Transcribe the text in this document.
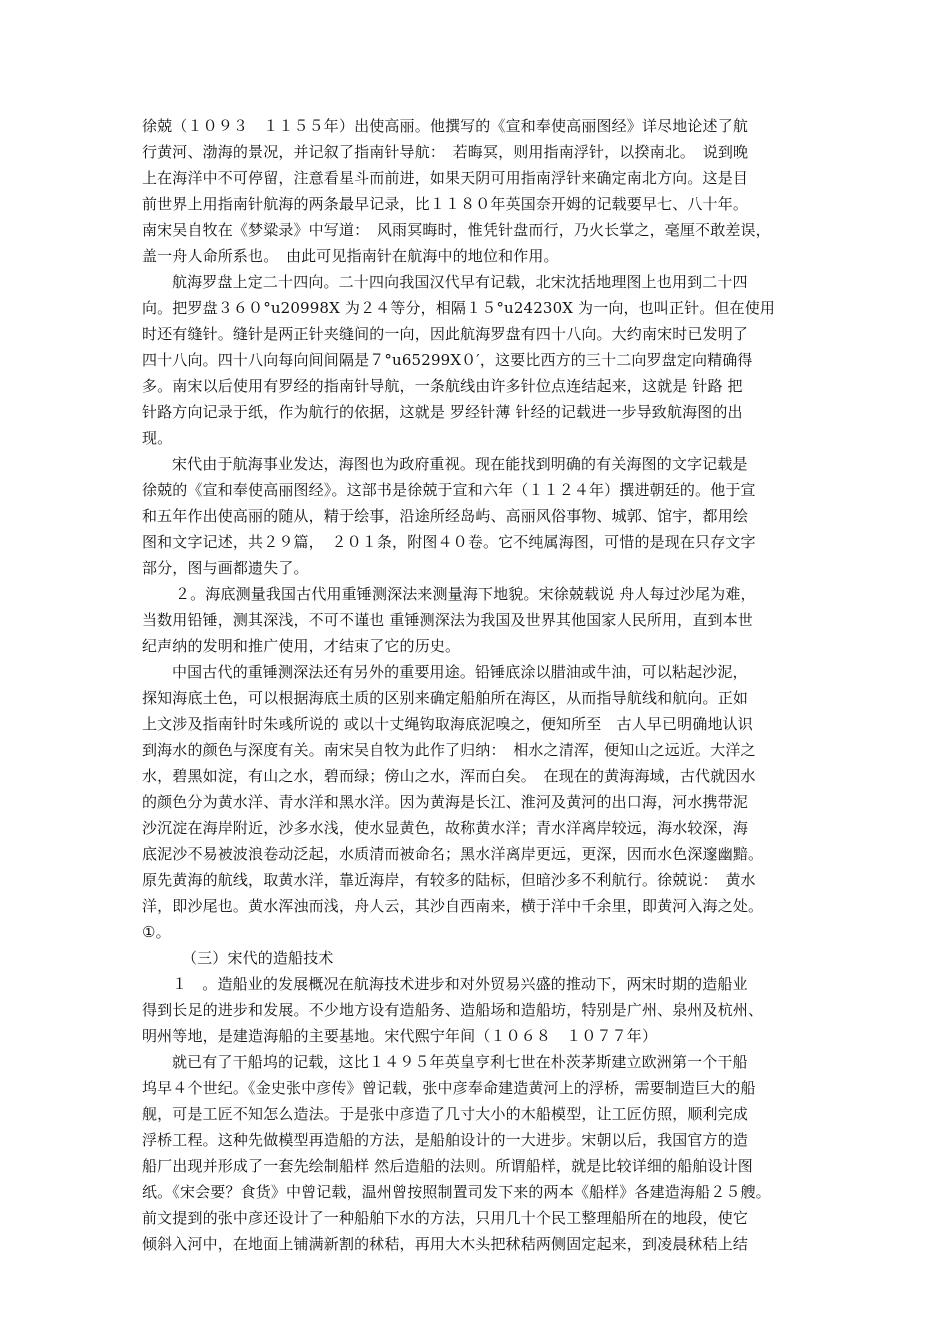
徐兢（１０９３　１１５５年）出使高丽。他撰写的《宣和奉使高丽图经》详尽地论述了航
行黄河、渤海的景况，并记叙了指南针导航：　若晦冥，则用指南浮针，以揆南北。　说到晚
上在海洋中不可停留，注意看星斗而前进，如果天阴可用指南浮针来确定南北方向。这是目
前世界上用指南针航海的两条最早记录，比１１８０年英国奈开姆的记载要早七、八十年。
南宋吴自牧在《梦粱录》中写道：　风雨冥晦时，惟凭针盘而行，乃火长掌之，毫厘不敢差误，
盖一舟人命所系也。　由此可见指南针在航海中的地位和作用。
航海罗盘上定二十四向。二十四向我国汉代早有记载，北宋沈括地理图上也用到二十四
向。把罗盘３６０°u20998X 为２４等分，相隔１５°u24230X 为一向，也叫正针。但在使用
时还有缝针。缝针是两正针夹缝间的一向，因此航海罗盘有四十八向。大约南宋时已发明了
四十八向。四十八向每向间间隔是７°u65299X０′，这要比西方的三十二向罗盘定向精确得
多。南宋以后使用有罗经的指南针导航，一条航线由许多针位点连结起来，这就是 针路 把
针路方向记录于纸，作为航行的依据，这就是 罗经针薄 针经的记载进一步导致航海图的出
现。
宋代由于航海事业发达，海图也为政府重视。现在能找到明确的有关海图的文字记载是
徐兢的《宣和奉使高丽图经》。这部书是徐兢于宣和六年（１１２４年）撰进朝廷的。他于宣
和五年作出使高丽的随从，精于绘事，沿途所经岛屿、高丽风俗事物、城郭、馆宇，都用绘
图和文字记述，共２９篇，　２０１条，附图４０卷。它不纯属海图，可惜的是现在只存文字
部分，图与画都遗失了。
２。海底测量我国古代用重锤测深法来测量海下地貌。宋徐兢载说 舟人每过沙尾为难，
当数用铅锤，测其深浅，不可不谨也 重锤测深法为我国及世界其他国家人民所用，直到本世
纪声纳的发明和推广使用，才结束了它的历史。
中国古代的重锤测深法还有另外的重要用途。铅锤底涂以腊油或牛油，可以粘起沙泥，
探知海底土色，可以根据海底土质的区别来确定船舶所在海区，从而指导航线和航向。正如
上文涉及指南针时朱彧所说的 或以十丈绳钩取海底泥嗅之，便知所至　古人早已明确地认识
到海水的颜色与深度有关。南宋吴自牧为此作了归纳：　相水之清浑，便知山之远近。大洋之
水，碧黑如淀，有山之水，碧而绿；傍山之水，浑而白矣。　在现在的黄海海域，古代就因水
的颜色分为黄水洋、青水洋和黑水洋。因为黄海是长江、淮河及黄河的出口海，河水携带泥
沙沉淀在海岸附近，沙多水浅，使水显黄色，故称黄水洋；青水洋离岸较远，海水较深，海
底泥沙不易被波浪卷动泛起，水质清而被命名；黑水洋离岸更远，更深，因而水色深邃幽黯。
原先黄海的航线，取黄水洋，靠近海岸，有较多的陆标，但暗沙多不利航行。徐兢说：　黄水
洋，即沙尾也。黄水浑浊而浅，舟人云，其沙自西南来，横于洋中千余里，即黄河入海之处。
①。
（三）宋代的造船技术
１　。造船业的发展概况在航海技术进步和对外贸易兴盛的推动下，两宋时期的造船业
得到长足的进步和发展。不少地方设有造船务、造船场和造船坊，特别是广州、泉州及杭州、
明州等地，是建造海船的主要基地。宋代熙宁年间（１０６８　１０７７年）
就已有了干船坞的记载，这比１４９５年英皇亨利七世在朴茨茅斯建立欧洲第一个干船
坞早４个世纪。《金史张中彦传》曾记载，张中彦奉命建造黄河上的浮桥，需要制造巨大的船
舰，可是工匠不知怎么造法。于是张中彦造了几寸大小的木船模型，让工匠仿照，顺利完成
浮桥工程。这种先做模型再造船的方法，是船舶设计的一大进步。宋朝以后，我国官方的造
船厂出现并形成了一套先绘制船样 然后造船的法则。所谓船样，就是比较详细的船舶设计图
纸。《宋会要？食货》中曾记载，温州曾按照制置司发下来的两本《船样》各建造海船２５艘。
前文提到的张中彦还设计了一种船舶下水的方法，只用几十个民工整理船所在的地段，使它
倾斜入河中，在地面上铺满新割的秫秸，再用大木头把秫秸两侧固定起来，到凌晨秫秸上结
